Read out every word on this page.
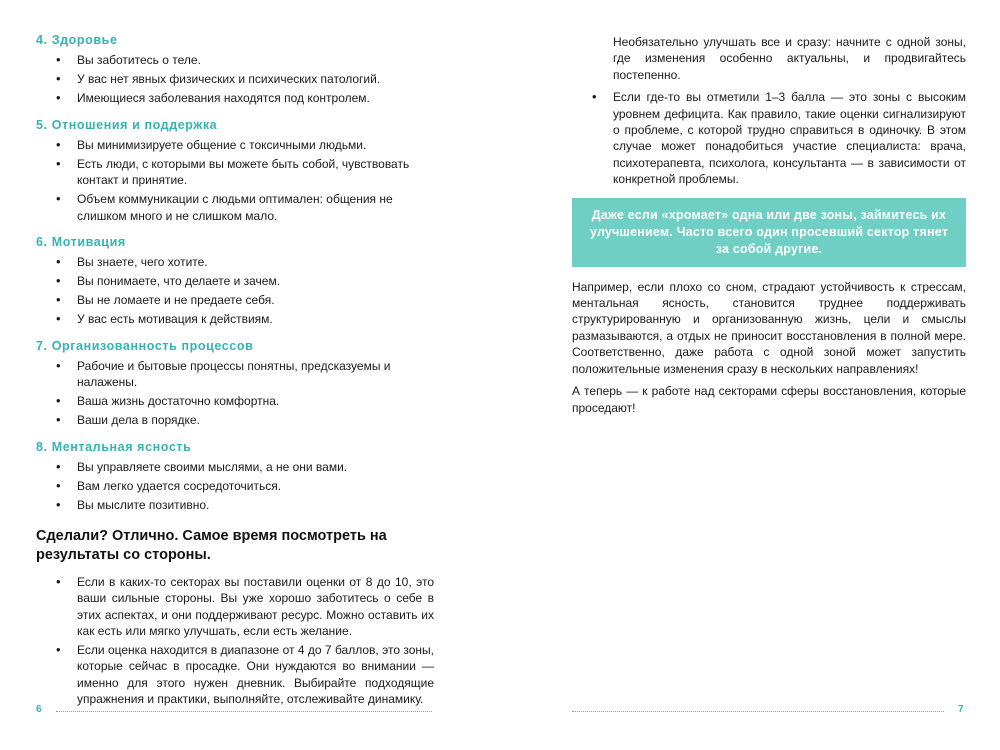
4. Здоровье
• Вы заботитесь о теле.
• У вас нет явных физических и психических патологий.
• Имеющиеся заболевания находятся под контролем.
5. Отношения и поддержка
• Вы минимизируете общение с токсичными людьми.
• Есть люди, с которыми вы можете быть собой, чувствовать контакт и принятие.
• Объем коммуникации с людьми оптимален: общения не слишком много и не слишком мало.
6. Мотивация
• Вы знаете, чего хотите.
• Вы понимаете, что делаете и зачем.
• Вы не ломаете и не предаете себя.
• У вас есть мотивация к действиям.
7. Организованность процессов
• Рабочие и бытовые процессы понятны, предсказуемы и налажены.
• Ваша жизнь достаточно комфортна.
• Ваши дела в порядке.
8. Ментальная ясность
• Вы управляете своими мыслями, а не они вами.
• Вам легко удается сосредоточиться.
• Вы мыслите позитивно.
Сделали? Отлично. Самое время посмотреть на результаты со стороны.
• Если в каких-то секторах вы поставили оценки от 8 до 10, это ваши сильные стороны. Вы уже хорошо заботитесь о себе в этих аспектах, и они поддерживают ресурс. Можно оставить их как есть или мягко улучшать, если есть желание.
• Если оценка находится в диапазоне от 4 до 7 баллов, это зоны, которые сейчас в просадке. Они нуждаются во внимании — именно для этого нужен дневник. Выбирайте подходящие упражнения и практики, выполняйте, отслеживайте динамику.
6

Необязательно улучшать все и сразу: начните с одной зоны, где изменения особенно актуальны, и продвигайтесь постепенно.

• Если где-то вы отметили 1–3 балла — это зоны с высоким уровнем дефицита. Как правило, такие оценки сигнализируют о проблеме, с которой трудно справиться в одиночку. В этом случае может понадобиться участие специалиста: врача, психотерапевта, психолога, консультанта — в зависимости от конкретной проблемы.
Даже если «хромает» одна или две зоны, займитесь их улучшением. Часто всего один просевший сектор тянет за собой другие.

Например, если плохо со сном, страдают устойчивость к стрессам, ментальная ясность, становится труднее поддерживать структурированную и организованную жизнь, цели и смыслы размазываются, а отдых не приносит восстановления в полной мере. Соответственно, даже работа с одной зоной может запустить положительные изменения сразу в нескольких направлениях!

А теперь — к работе над секторами сферы восстановления, которые проседают!

7
